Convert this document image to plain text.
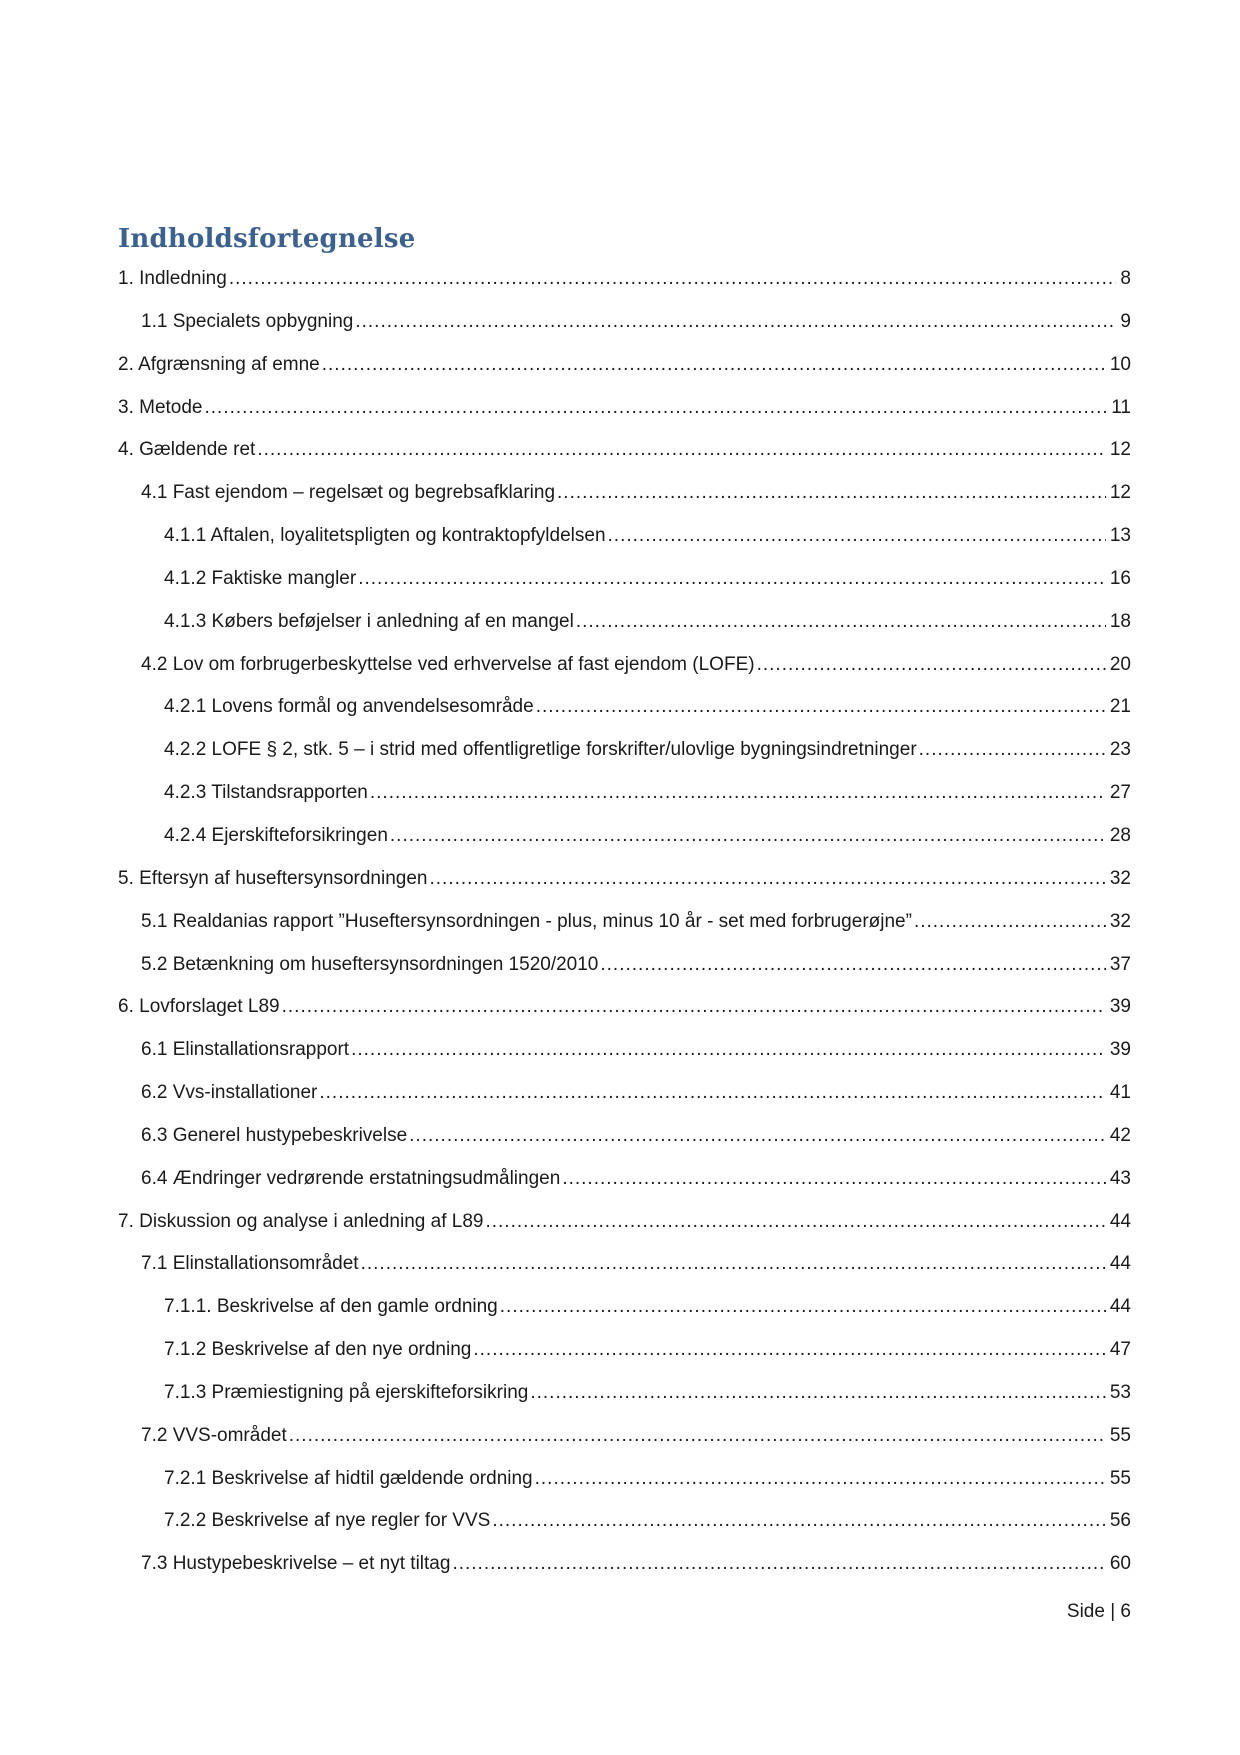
Indholdsfortegnelse
1. Indledning .....	8
1.1 Specialets opbygning .....	9
2. Afgrænsning af emne .....	10
3. Metode .....	11
4. Gældende ret .....	12
4.1 Fast ejendom – regelsæt og begrebsafklaring .....	12
4.1.1 Aftalen, loyalitetspligten og kontraktopfyldelsen .....	13
4.1.2 Faktiske mangler .....	16
4.1.3 Købers beføjelser i anledning af en mangel .....	18
4.2 Lov om forbrugerbeskyttelse ved erhvervelse af fast ejendom (LOFE) .....	20
4.2.1 Lovens formål og anvendelsesområde .....	21
4.2.2 LOFE § 2, stk. 5 – i strid med offentligretlige forskrifter/ulovlige bygningsindretninger .....	23
4.2.3 Tilstandsrapporten .....	27
4.2.4 Ejerskifteforsikringen .....	28
5. Eftersyn af huseftersynsordningen .....	32
5.1 Realdanias rapport ”Huseftersynsordningen - plus, minus 10 år - set med forbrugerøjne” .....	32
5.2 Betænkning om huseftersynsordningen 1520/2010 .....	37
6. Lovforslaget L89 .....	39
6.1 Elinstallationsrapport .....	39
6.2 Vvs-installationer .....	41
6.3 Generel hustypebeskrivelse .....	42
6.4 Ændringer vedrørende erstatningsudmålingen .....	43
7. Diskussion og analyse i anledning af L89 .....	44
7.1 Elinstallationsområdet .....	44
7.1.1. Beskrivelse af den gamle ordning .....	44
7.1.2 Beskrivelse af den nye ordning .....	47
7.1.3 Præmiestigning på ejerskifteforsikring .....	53
7.2 VVS-området .....	55
7.2.1 Beskrivelse af hidtil gældende ordning .....	55
7.2.2 Beskrivelse af nye regler for VVS .....	56
7.3 Hustypebeskrivelse – et nyt tiltag .....	60
Side | 6
